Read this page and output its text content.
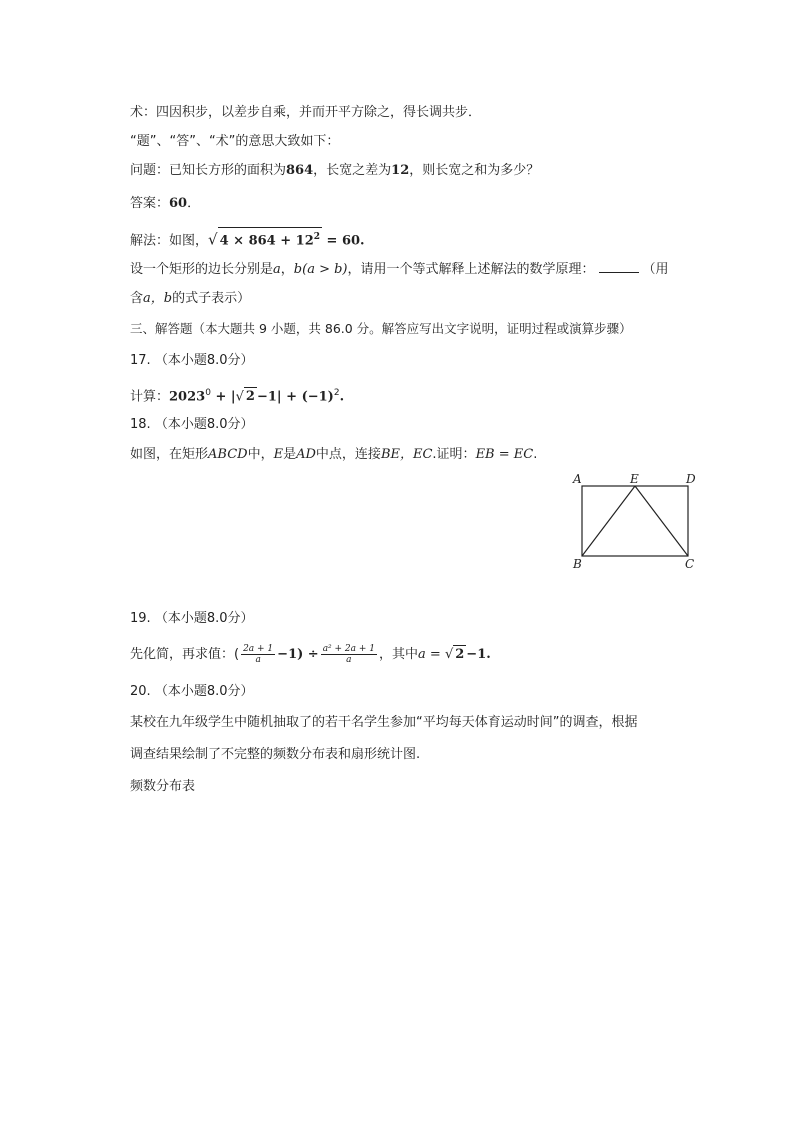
术：四因积步，以差步自乘，并而开平方除之，得长调共步．
“题”、“答”、“术”的意思大致如下：
问题：已知长方形的面积为864，长宽之差为12，则长宽之和为多少？
答案：60．
解法：如图，√ $4 \times 864 + 12^2 = 60$.
设一个矩形的边长分别是a，b(a > b)，请用一个等式解释上述解法的数学原理：	（用
含a，b的式子表示）
三、解答题（本大题共 9 小题，共 86.0 分。解答应写出文字说明，证明过程或演算步骤）
17. （本小题8.0分）
计算：$2023^0$ + |√ $2 -1| + (-1)^2$.
18. （本小题8.0分）
如图，在矩形ABCD中，E是AD中点，连接BE，EC.证明：EB = EC.
A	E	D
B	C
19. （本小题8.0分）
先化简，再求值：( $\frac{2a + 1}{a} -1) \div \frac{\text{a² + 2a + 1}}{a}$ ，其中a = √ 2 −1.
20. （本小题8.0分）
某校在九年级学生中随机抽取了的若干名学生参加“平均每天体育运动时间”的调查，根据
调查结果绘制了不完整的频数分布表和扇形统计图.
频数分布表
